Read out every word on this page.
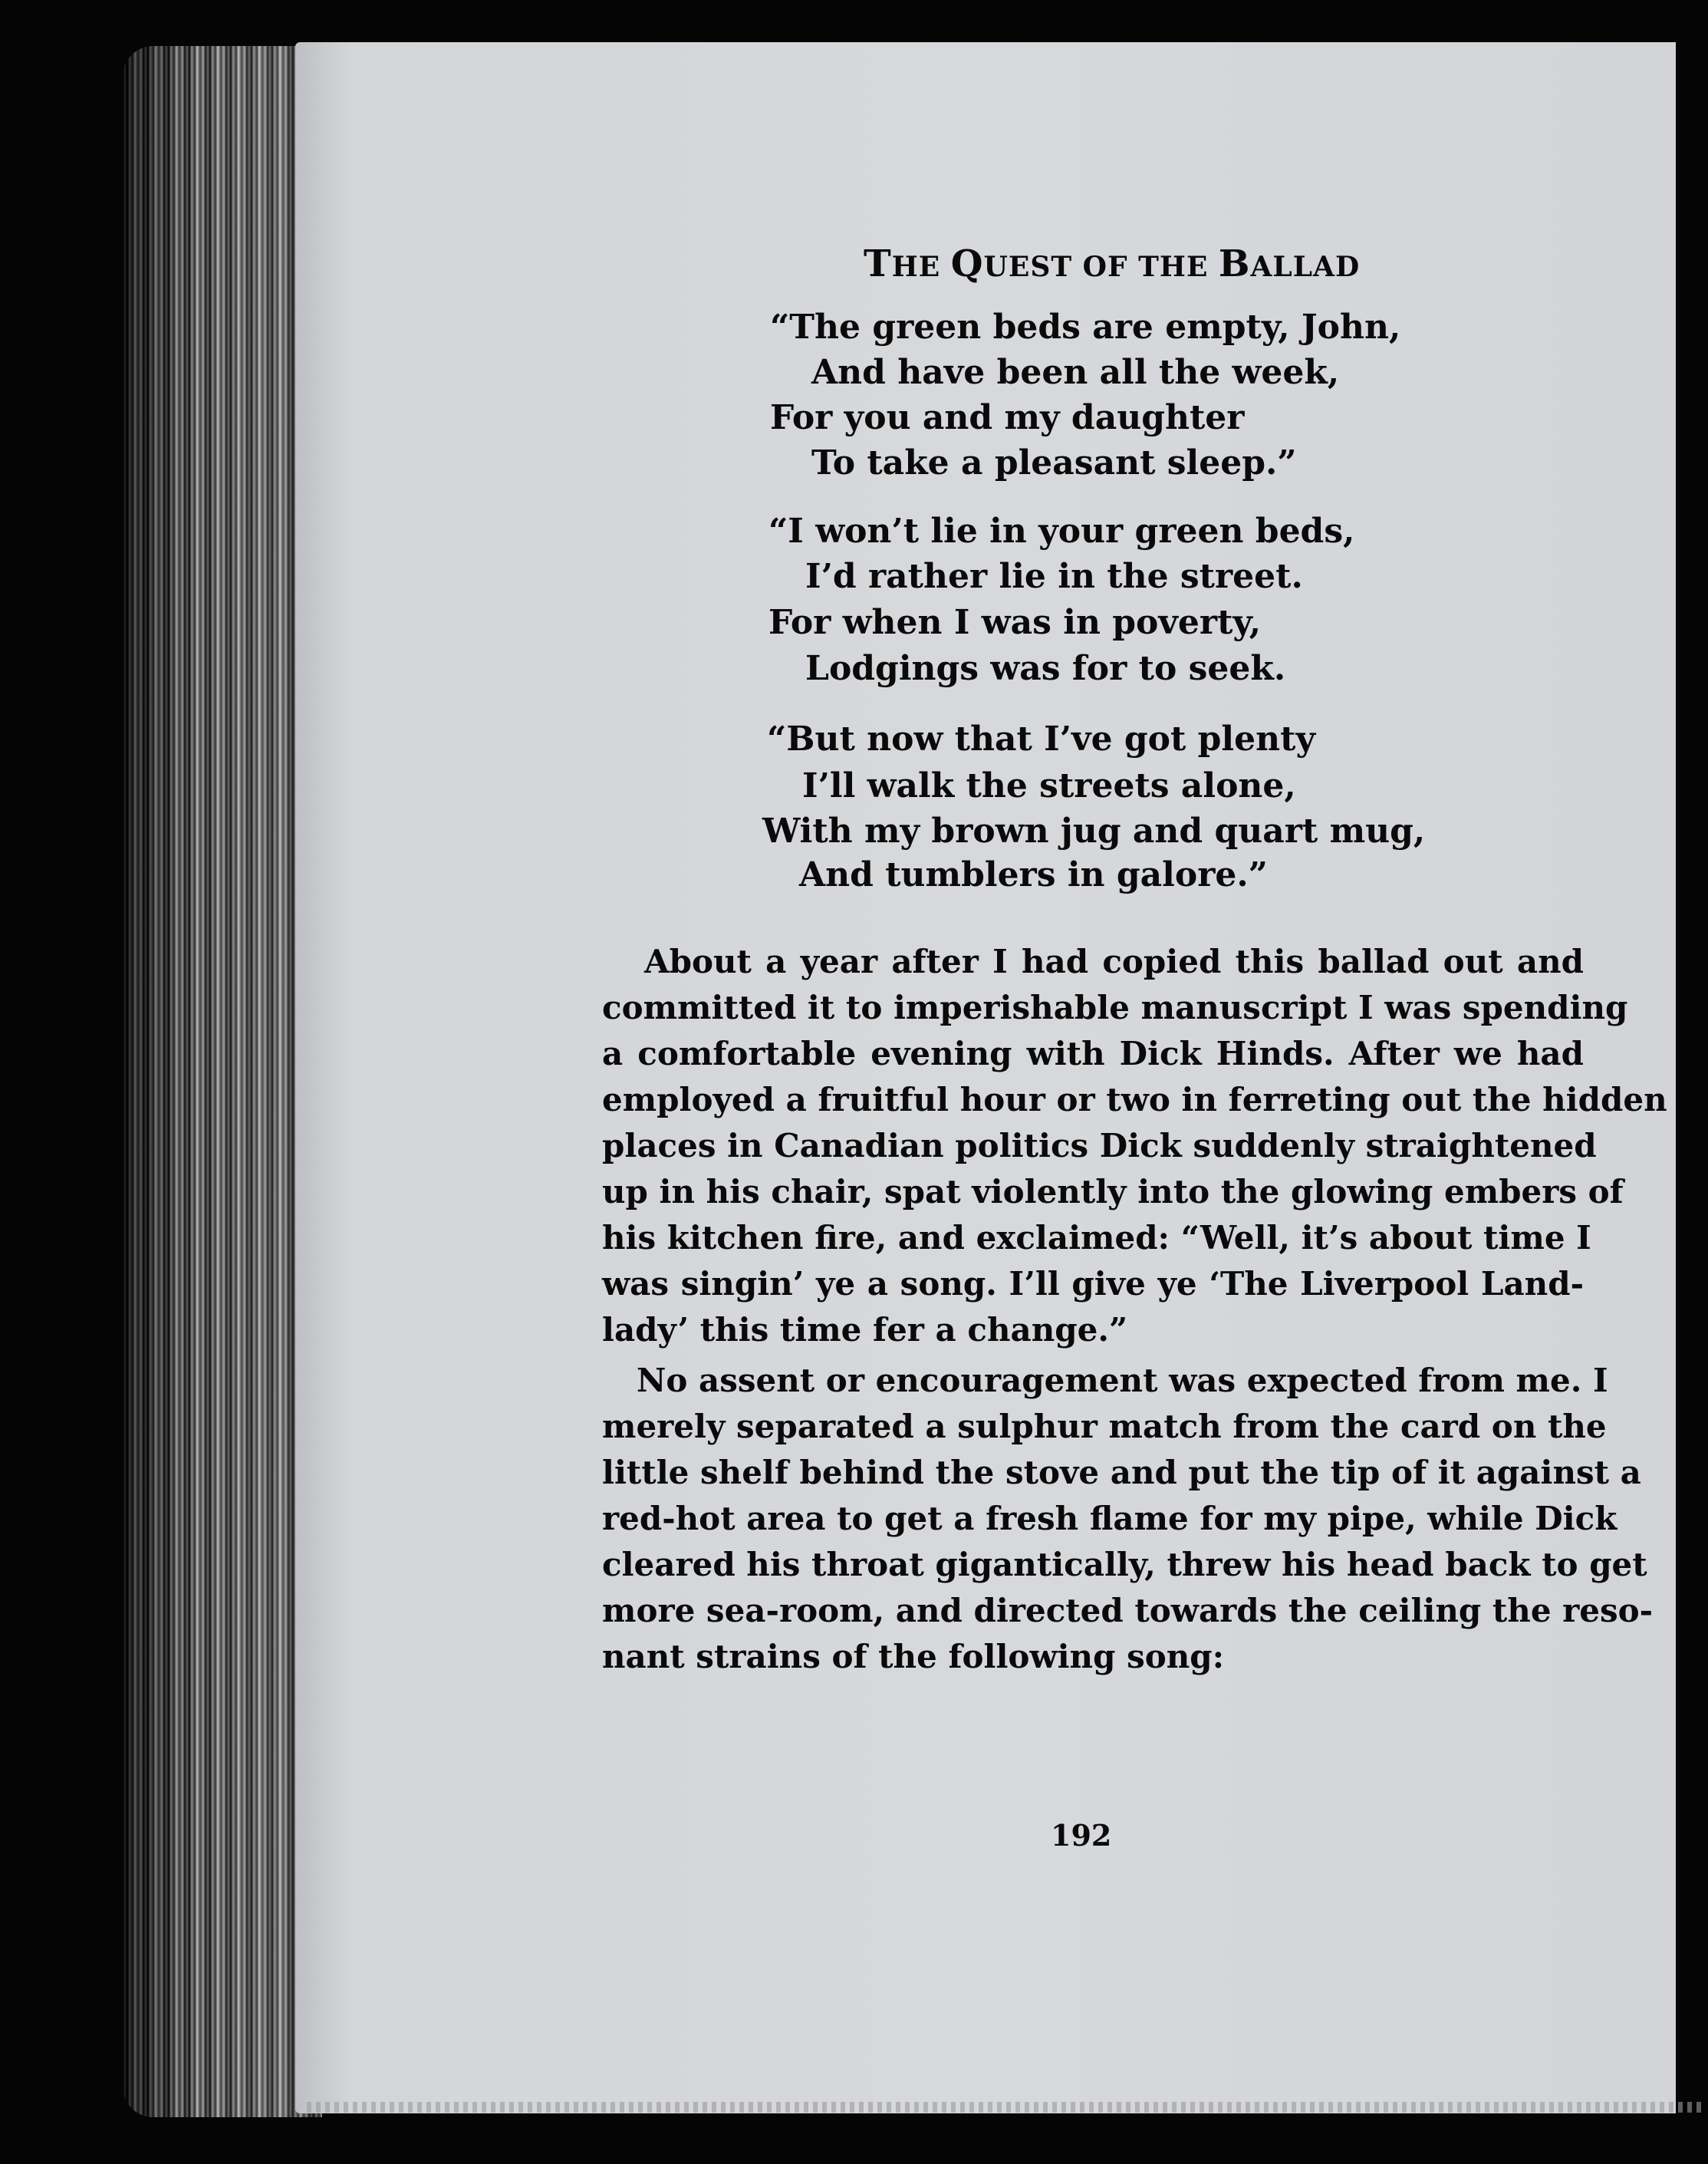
THE QUEST OF THE BALLAD
“The green beds are empty, John,
And have been all the week,
For you and my daughter
To take a pleasant sleep.”
“I won’t lie in your green beds,
I’d rather lie in the street.
For when I was in poverty,
Lodgings was for to seek.
“But now that I’ve got plenty
I’ll walk the streets alone,
With my brown jug and quart mug,
And tumblers in galore.”
About a year after I had copied this ballad out and
committed it to imperishable manuscript I was spending
a comfortable evening with Dick Hinds. After we had
employed a fruitful hour or two in ferreting out the hidden
places in Canadian politics Dick suddenly straightened
up in his chair, spat violently into the glowing embers of
his kitchen fire, and exclaimed: “Well, it’s about time I
was singin’ ye a song. I’ll give ye ‘The Liverpool Land-
lady’ this time fer a change.”
No assent or encouragement was expected from me. I
merely separated a sulphur match from the card on the
little shelf behind the stove and put the tip of it against a
red-hot area to get a fresh flame for my pipe, while Dick
cleared his throat gigantically, threw his head back to get
more sea-room, and directed towards the ceiling the reso-
nant strains of the following song:
192
